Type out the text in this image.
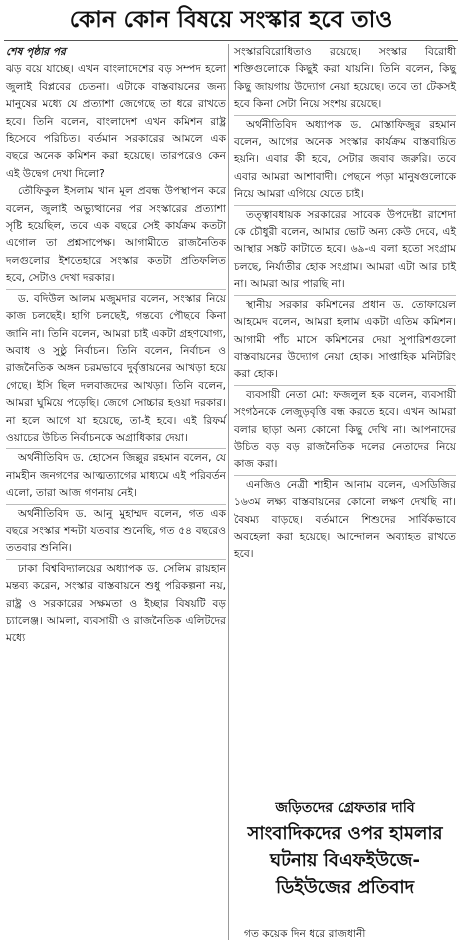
কোন কোন বিষয়ে সংস্কার হবে তাও

শেষ পৃষ্ঠার পর

ঝড় বয়ে যাচ্ছে। এখন বাংলাদেশের বড় সম্পদ হলো জুলাই বিপ্লবের চেতনা। এটাকে বাস্তবায়নের জন্য মানুষের মধ্যে যে প্রত্যাশা জেগেছে তা ধরে রাখতে হবে। তিনি বলেন, বাংলাদেশ এখন কমিশন রাষ্ট্র হিসেবে পরিচিত। বর্তমান সরকারের আমলে এক বছরে অনেক কমিশন করা হয়েছে। তারপরেও কেন এই উদ্বেগ দেখা দিলো?

তৌফিকুল ইসলাম খান মূল প্রবন্ধ উপস্থাপন করে বলেন, জুলাই অভ্যুত্থানের পর সংস্কারের প্রত্যাশা সৃষ্টি হয়েছিল, তবে এক বছরে সেই কার্যক্রম কতটা এগোল তা প্রশ্নসাপেক্ষ। আগামীতে রাজনৈতিক দলগুলোর ইশতেহারে সংস্কার কতটা প্রতিফলিত হবে, সেটাও দেখা দরকার।

ড. বদিউল আলম মজুমদার বলেন, সংস্কার নিয়ে কাজ চলছেই। হাগি চলছেই, গন্তব্যে পৌছবে কিনা জানি না। তিনি বলেন, আমরা চাই একটা গ্রহণযোগ্য, অবাধ ও সুষ্ঠু নির্বাচন। তিনি বলেন, নির্বাচন ও রাজনৈতিক অঙ্গন চরমভাবে দুর্বৃত্তায়নের আখড়া হয়ে গেছে। ইসি ছিল দলবাজদের আখড়া। তিনি বলেন, আমরা ঘুমিয়ে পড়েছি। জেগে সোচ্চার হওয়া দরকার। না হলে আগে যা হয়েছে, তা-ই হবে। এই রিফর্ম ওয়াচের উচিত নির্বাচনকে অগ্রাধিকার দেয়া।

অর্থনীতিবিদ ড. হোসেন জিল্লুর রহমান বলেন, যে নামহীন জনগণের আত্মত্যাগের মাধ্যমে এই পরিবর্তন এলো, তারা আজ গণনায় নেই।

অর্থনীতিবিদ ড. আনু মুহাম্মদ বলেন, গত এক বছরে সংস্কার শব্দটা যতবার শুনেছি, গত ৫৪ বছরেও ততবার শুনিনি।

ঢাকা বিশ্ববিদ্যালয়ের অধ্যাপক ড. সেলিম রায়হান মন্তব্য করেন, সংস্কার বাস্তবায়নে শুধু পরিকল্পনা নয়, রাষ্ট্র ও সরকারের সক্ষমতা ও ইচ্ছার বিষয়টি বড় চ্যালেঞ্জ। আমলা, ব্যবসায়ী ও রাজনৈতিক এলিটদের মধ্যে

সংস্কারবিরোধিতাও রয়েছে। সংস্কার বিরোধী শক্তিগুলোকে কিছুই করা যায়নি। তিনি বলেন, কিছু কিছু জায়গায় উদ্যোগ নেয়া হয়েছে। তবে তা টেকসই হবে কিনা সেটা নিয়ে সংশয় রয়েছে।

অর্থনীতিবিদ অধ্যাপক ড. মোস্তাফিজুর রহমান বলেন, আগের অনেক সংস্কার কার্যক্রম বাস্তবায়িত হয়নি। এবার কী হবে, সেটার জবাব জরুরি। তবে এবার আমরা আশাবাদী। পেছনে পড়া মানুষগুলোকে নিয়ে আমরা এগিয়ে যেতে চাই।

তত্ত্বাবধায়ক সরকারের সাবেক উপদেষ্টা রাশেদা কে চৌধুরী বলেন, আমার ভোট অন্য কেউ দেবে, এই আস্থার সঙ্কট কাটাতে হবে। ৬৯-এ বলা হতো সংগ্রাম চলছে, নির্যাতীর হোক সংগ্রাম। আমরা এটা আর চাই না। আমরা আর পারছি না।

স্থানীয় সরকার কমিশনের প্রধান ড. তোফায়েল আহমেদ বলেন, আমরা হলাম একটা এতিম কমিশন। আগামী পাঁচ মাসে কমিশনের দেয়া সুপারিশগুলো বাস্তবায়নের উদ্যোগ নেয়া হোক। সাপ্তাহিক মনিটরিং করা হোক।

ব্যবসায়ী নেতা মো: ফজলুল হক বলেন, ব্যবসায়ী সংগঠনকে লেজুড়বৃত্তি বন্ধ করতে হবে। এখন আমরা বলার ছাড়া অন্য কোনো কিছু দেখি না। আপনাদের উচিত বড় বড় রাজনৈতিক দলের নেতাদের নিয়ে কাজ করা।

এনজিও নেত্রী শাহীন আনাম বলেন, এসডিজির ১৬৩ম লক্ষ্য বাস্তবায়নের কোনো লক্ষণ দেখছি না। বৈষম্য বাড়ছে। বর্তমানে শিশুদের সার্বিকভাবে অবহেলা করা হয়েছে। আন্দোলন অব্যাহত রাখতে হবে।

জড়িতদের গ্রেফতার দাবি
সাংবাদিকদের ওপর হামলার ঘটনায় বিএফইউজে-ডিইউজের প্রতিবাদ
গত কয়েক দিন ধরে রাজধানী
